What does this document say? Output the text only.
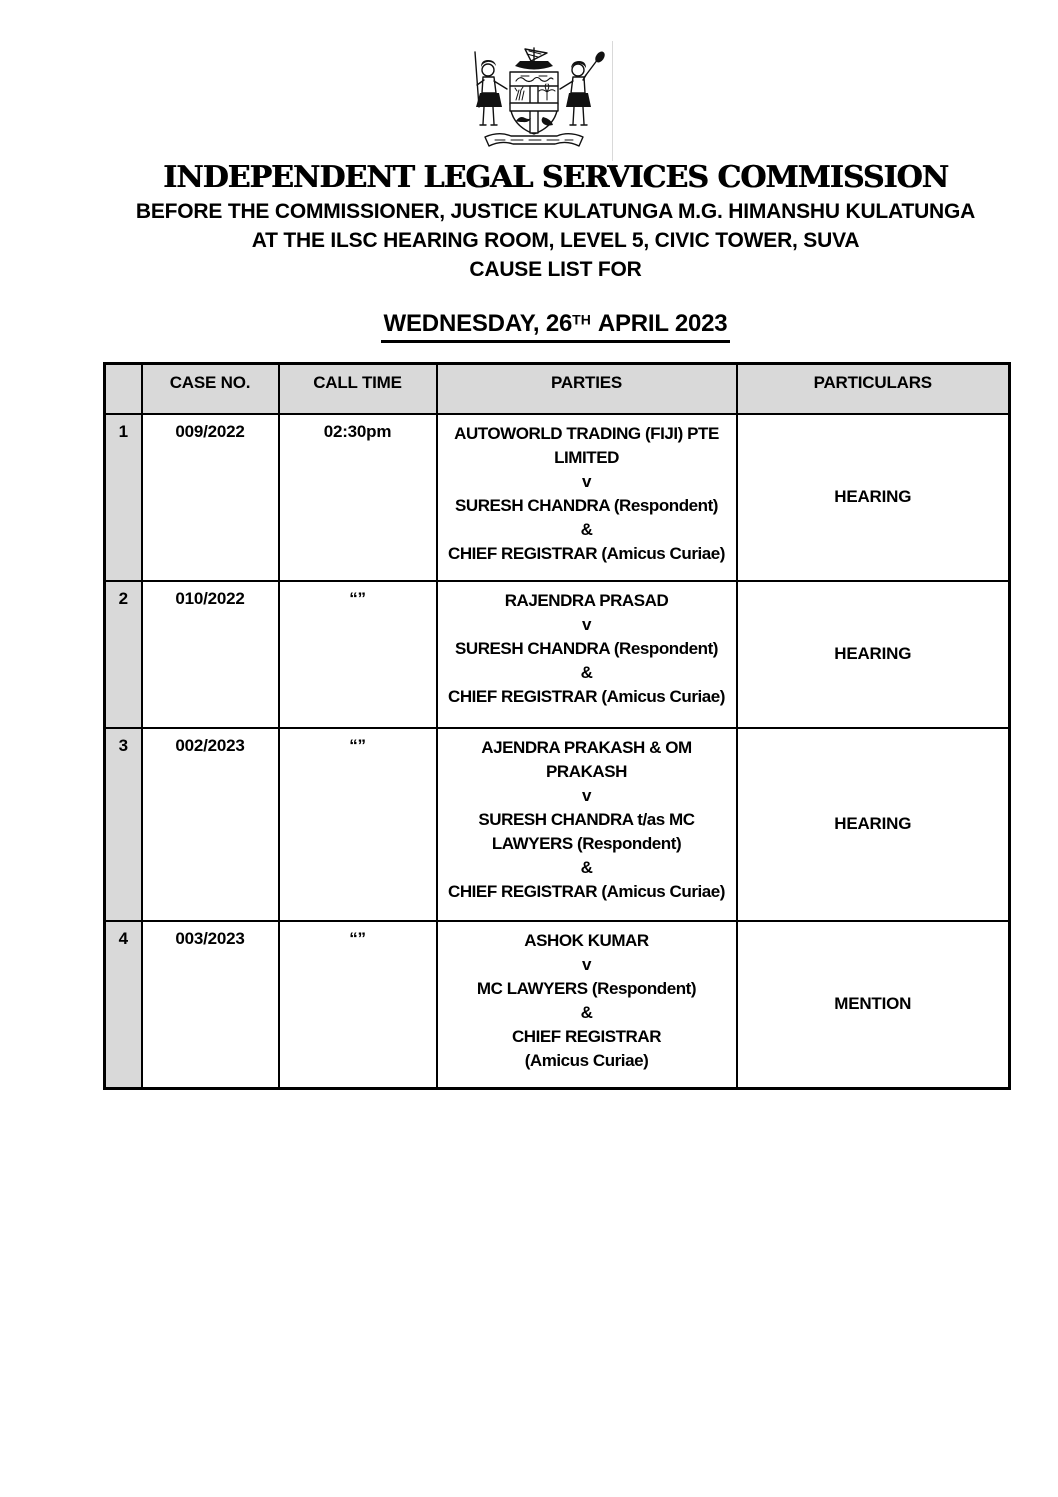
INDEPENDENT LEGAL SERVICES COMMISSION
BEFORE THE COMMISSIONER, JUSTICE KULATUNGA M.G. HIMANSHU KULATUNGA
AT THE ILSC HEARING ROOM, LEVEL 5, CIVIC TOWER, SUVA
CAUSE LIST FOR
WEDNESDAY, 26TH APRIL 2023
	CASE NO.	CALL TIME	PARTIES	PARTICULARS
1	009/2022	02:30pm	AUTOWORLD TRADING (FIJI) PTE
LIMITED
v
SURESH CHANDRA (Respondent)
&
CHIEF REGISTRAR (Amicus Curiae)
	HEARING
2	010/2022	“”	RAJENDRA PRASAD
v
SURESH CHANDRA (Respondent)
&
CHIEF REGISTRAR (Amicus Curiae)	HEARING
3	002/2023	“”	AJENDRA PRAKASH & OM
PRAKASH
v
SURESH CHANDRA t/as MC
LAWYERS (Respondent)
&
CHIEF REGISTRAR (Amicus Curiae)
	HEARING
4	003/2023	“”	ASHOK KUMAR
v
MC LAWYERS (Respondent)
&
CHIEF REGISTRAR
(Amicus Curiae)
	MENTION
